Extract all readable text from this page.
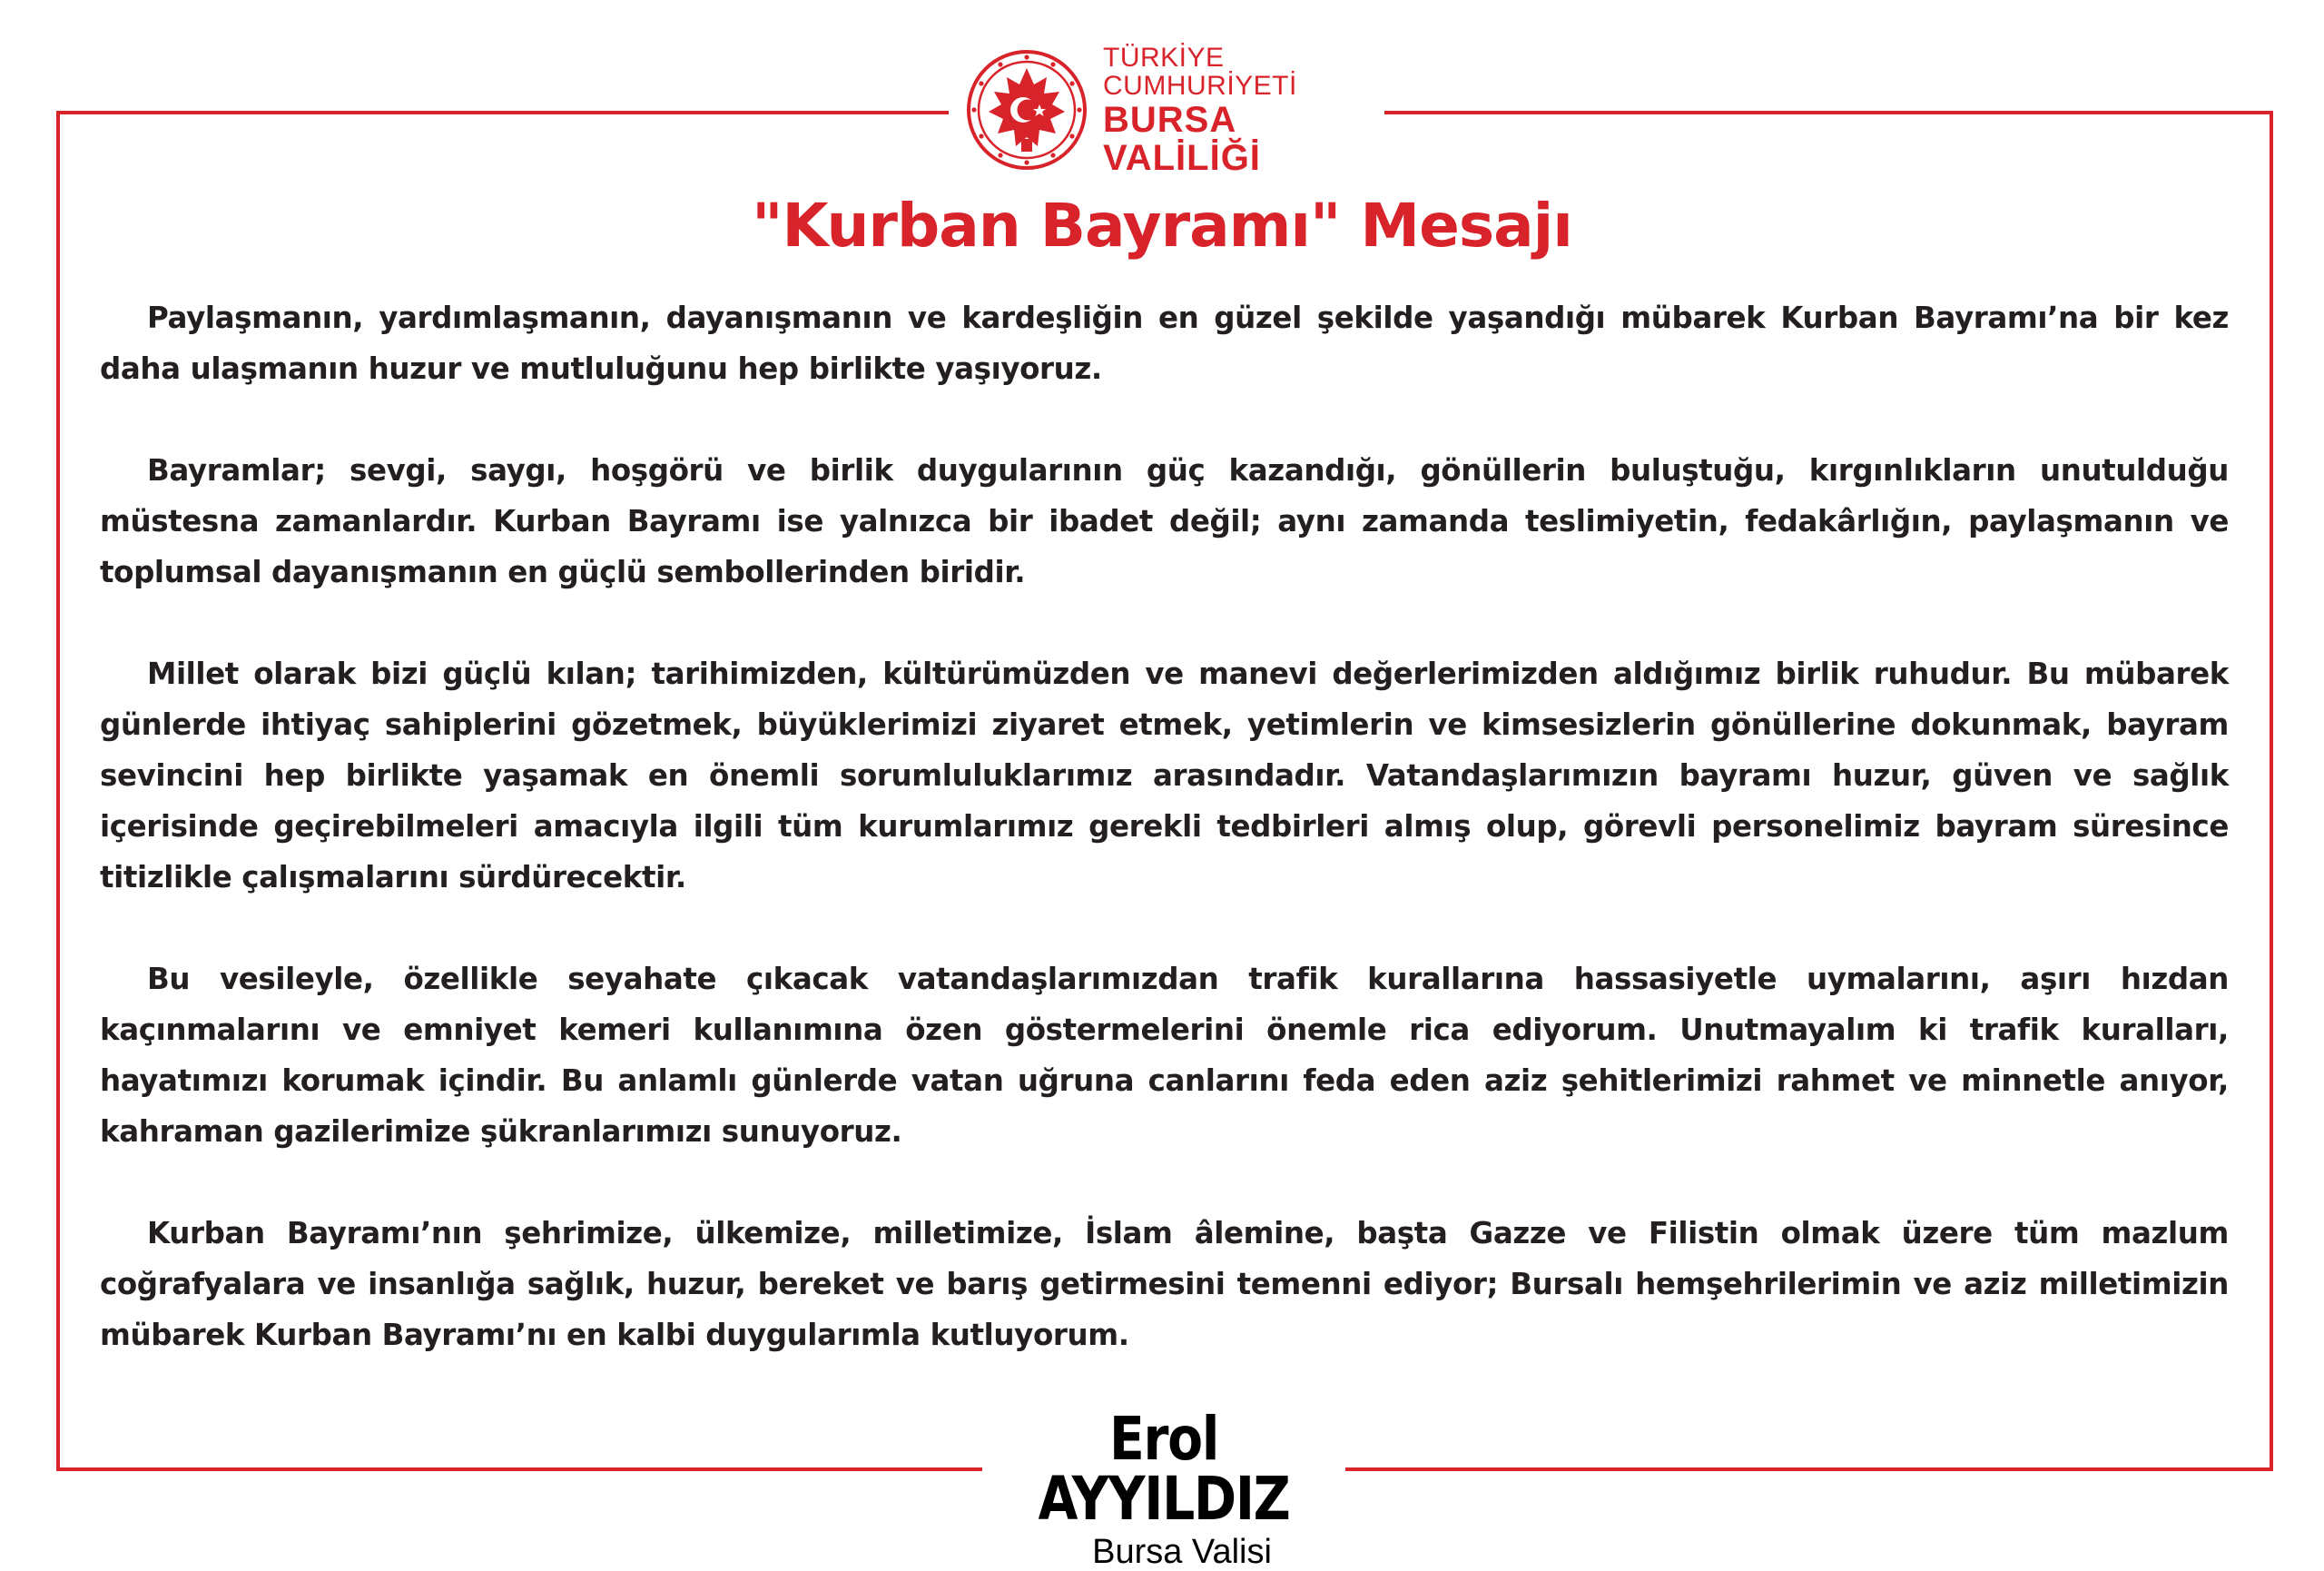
TÜRKİYE CUMHURİYETİ
BURSA VALİLİĞİ
"Kurban Bayramı" Mesajı

Paylaşmanın, yardımlaşmanın, dayanışmanın ve kardeşliğin en güzel şekilde yaşandığı mübarek Kurban Bayramı’na bir kez daha ulaşmanın huzur ve mutluluğunu hep birlikte yaşıyoruz.

Bayramlar; sevgi, saygı, hoşgörü ve birlik duygularının güç kazandığı, gönüllerin buluştuğu, kırgınlıkların unutulduğu müstesna zamanlardır. Kurban Bayramı ise yalnızca bir ibadet değil; aynı zamanda teslimiyetin, fedakârlığın, paylaşmanın ve toplumsal dayanışmanın en güçlü sembollerinden biridir.

Millet olarak bizi güçlü kılan; tarihimizden, kültürümüzden ve manevi değerlerimizden aldığımız birlik ruhudur. Bu mübarek günlerde ihtiyaç sahiplerini gözetmek, büyüklerimizi ziyaret etmek, yetimlerin ve kimsesizlerin gönüllerine dokunmak, bayram sevincini hep birlikte yaşamak en önemli sorumluluklarımız arasındadır. Vatandaşlarımızın bayramı huzur, güven ve sağlık içerisinde geçirebilmeleri amacıyla ilgili tüm kurumlarımız gerekli tedbirleri almış olup, görevli personelimiz bayram süresince titizlikle çalışmalarını sürdürecektir.

Bu vesileyle, özellikle seyahate çıkacak vatandaşlarımızdan trafik kurallarına hassasiyetle uymalarını, aşırı hızdan kaçınmalarını ve emniyet kemeri kullanımına özen göstermelerini önemle rica ediyorum. Unutmayalım ki trafik kuralları, hayatımızı korumak içindir. Bu anlamlı günlerde vatan uğruna canlarını feda eden aziz şehitlerimizi rahmet ve minnetle anıyor, kahraman gazilerimize şükranlarımızı sunuyoruz.

Kurban Bayramı’nın şehrimize, ülkemize, milletimize, İslam âlemine, başta Gazze ve Filistin olmak üzere tüm mazlum coğrafyalara ve insanlığa sağlık, huzur, bereket ve barış getirmesini temenni ediyor; Bursalı hemşehrilerimin ve aziz milletimizin mübarek Kurban Bayramı’nı en kalbi duygularımla kutluyorum.

Erol AYYILDIZ
Bursa Valisi
